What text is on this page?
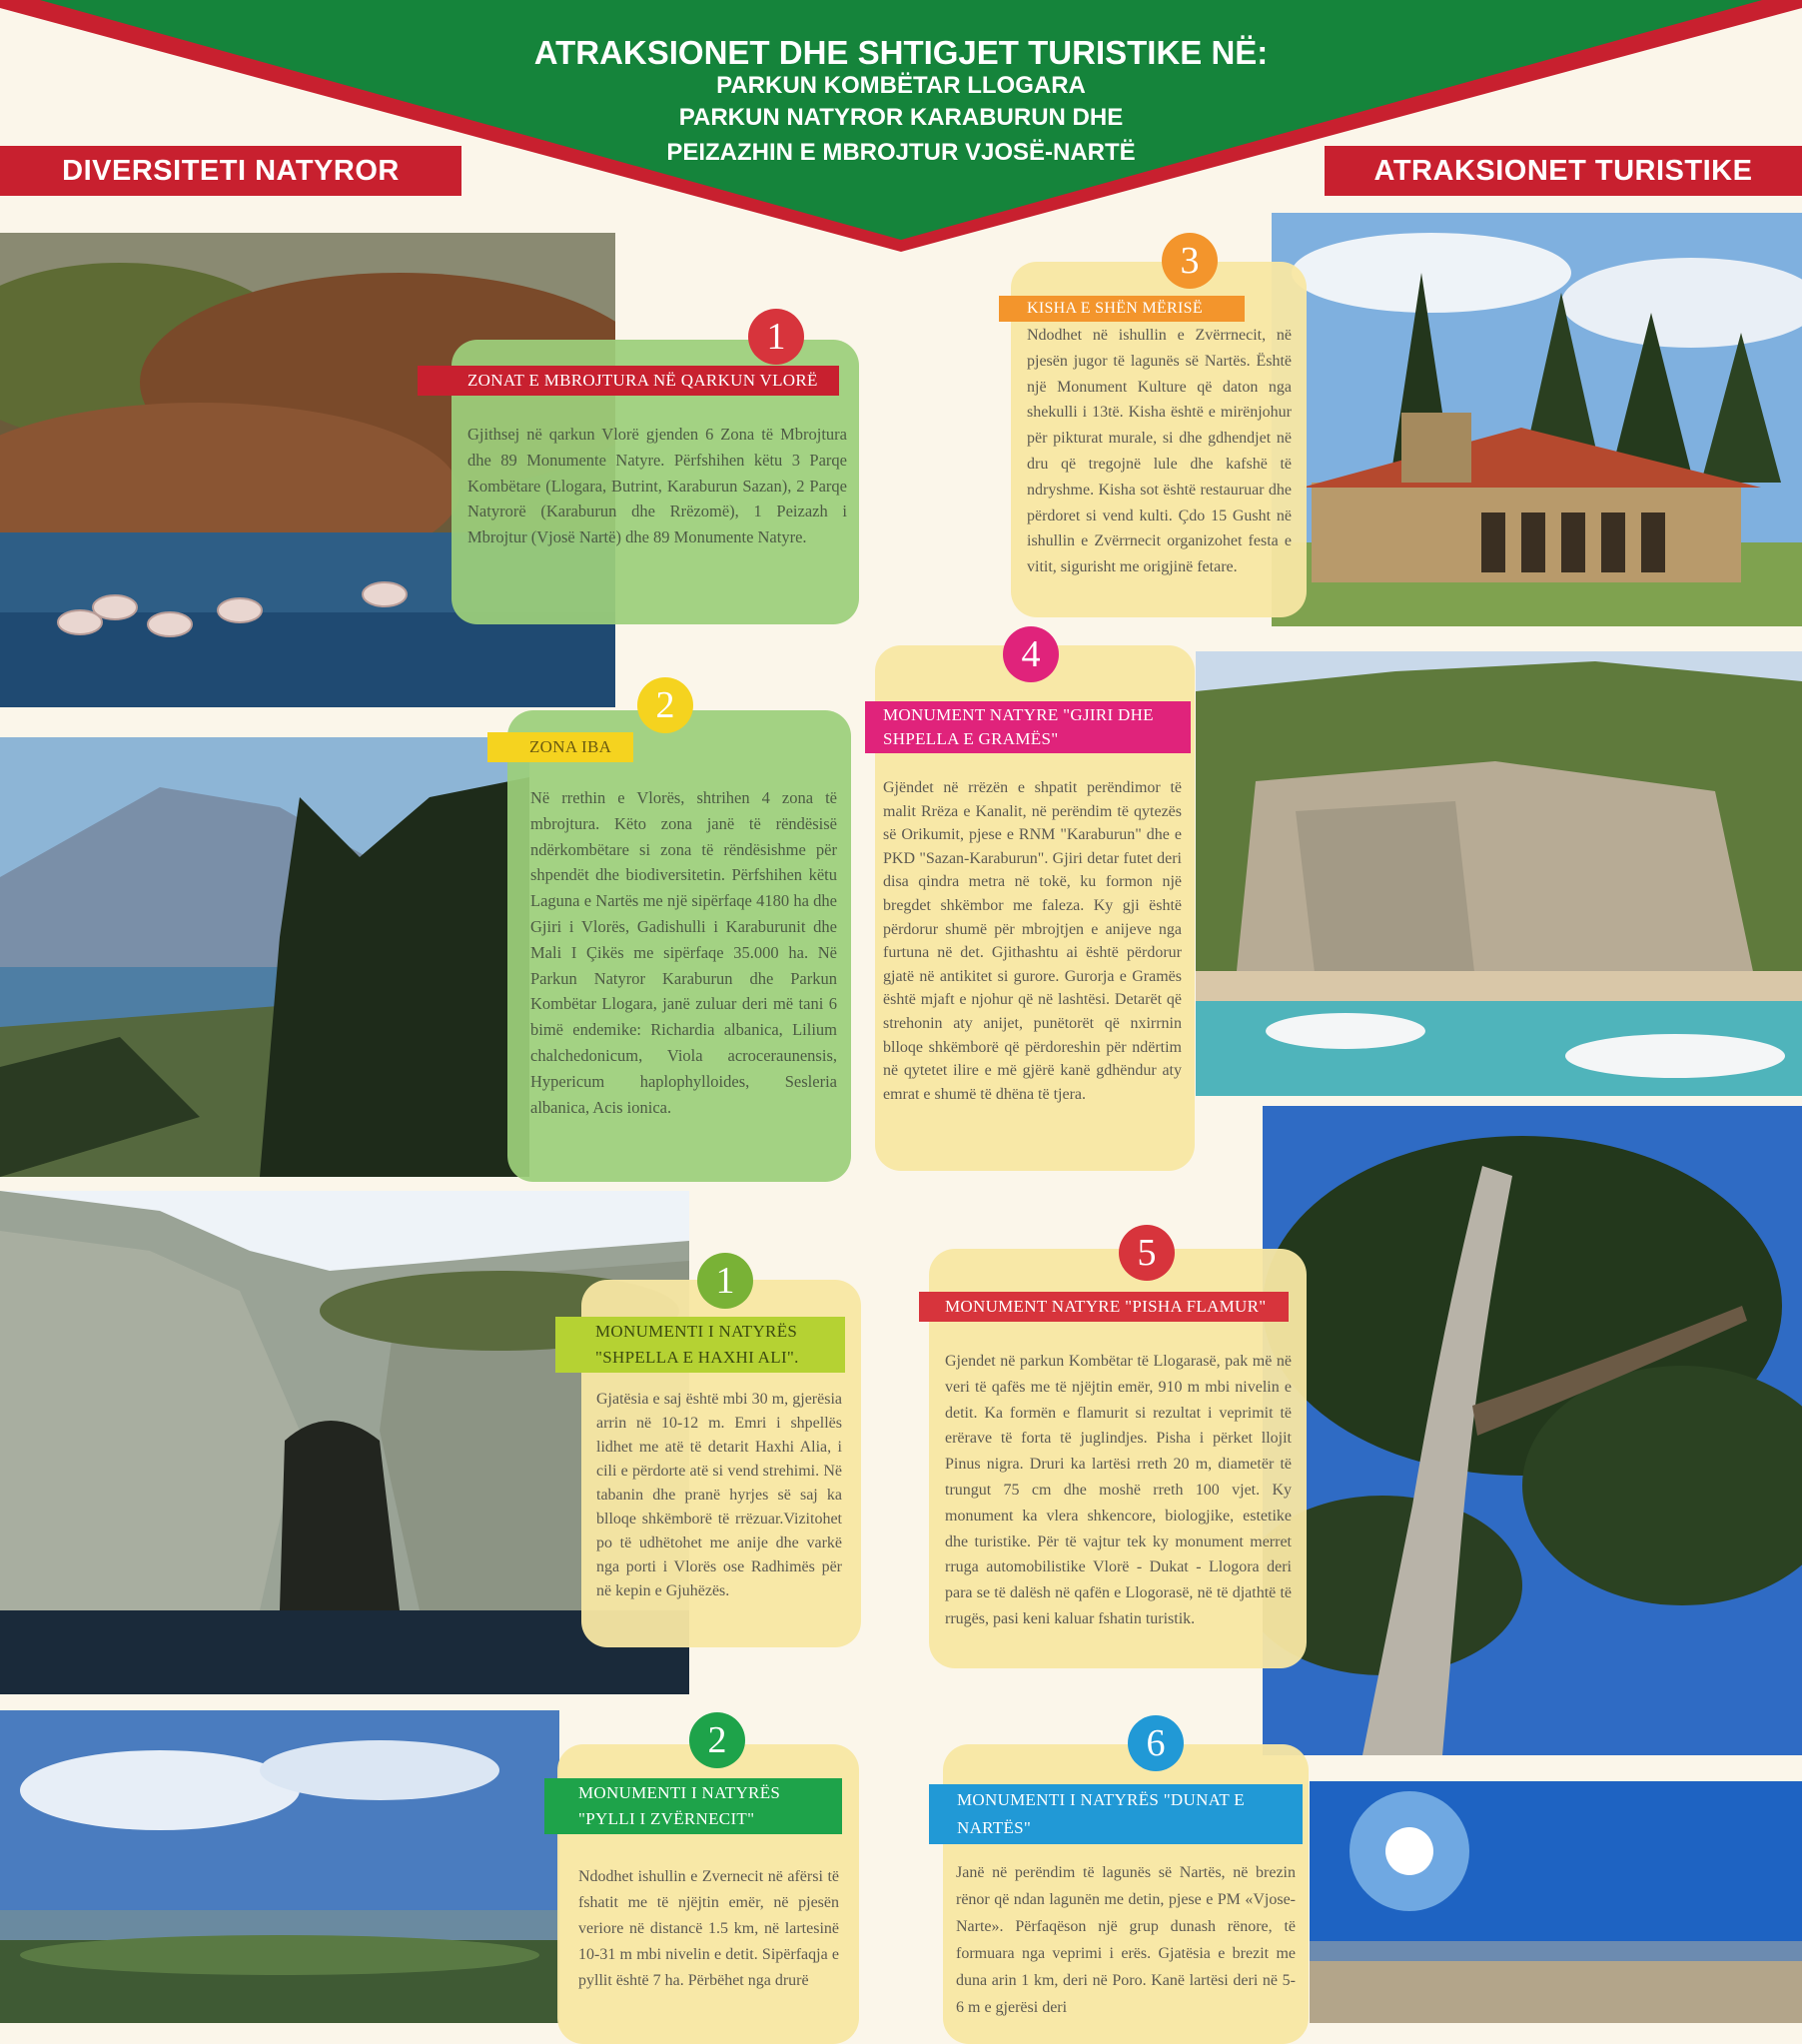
ATRAKSIONET DHE SHTIGJET TURISTIKE NË:
PARKUN KOMBËTAR LLOGARA
PARKUN NATYROR KARABURUN DHE
PEIZAZHIN E MBROJTUR VJOSË-NARTË
DIVERSITETI NATYROR	ATRAKSIONET TURISTIKE
1
ZONAT E MBROJTURA NË QARKUN VLORË
Gjithsej në qarkun Vlorë gjenden 6 Zona të Mbrojtura dhe 89 Monumente Natyre. Përfshihen këtu 3 Parqe Kombëtare (Llogara, Butrint, Karaburun Sazan), 2 Parqe Natyrorë (Karaburun dhe Rrëzomë), 1 Peizazh i Mbrojtur (Vjosë Nartë) dhe 89 Monumente Natyre.
2
ZONA IBA
Në rrethin e Vlorës, shtrihen 4 zona të mbrojtura. Këto zona janë të rëndësisë ndërkombëtare si zona të rëndësishme për shpendët dhe biodiversitetin. Përfshihen këtu Laguna e Nartës me një sipërfaqe 4180 ha dhe Gjiri i Vlorës, Gadishulli i Karaburunit dhe Mali I Çikës me sipërfaqe 35.000 ha. Në Parkun Natyror Karaburun dhe Parkun Kombëtar Llogara, janë zuluar deri më tani 6 bimë endemike: Richardia albanica, Lilium chalchedonicum, Viola acroceraunensis, Hypericum haplophylloides, Sesleria albanica, Acis ionica.
1
MONUMENTI I NATYRËS "SHPELLA E HAXHI ALI".
Gjatësia e saj është mbi 30 m, gjerësia arrin në 10-12 m. Emri i shpellës lidhet me atë të detarit Haxhi Alia, i cili e përdorte atë si vend strehimi. Në tabanin dhe pranë hyrjes së saj ka blloqe shkëmborë të rrëzuar.Vizitohet po të udhëtohet me anije dhe varkë nga porti i Vlorës ose Radhimës për në kepin e Gjuhëzës.
2
MONUMENTI I NATYRËS "PYLLI I ZVËRNECIT"
Ndodhet ishullin e Zvernecit në afërsi të fshatit me të njëjtin emër, në pjesën veriore në distancë 1.5 km, në lartesinë 10-31 m mbi nivelin e detit. Sipërfaqja e pyllit është 7 ha. Përbëhet nga drurë
3
KISHA E SHËN MËRISË
Ndodhet në ishullin e Zvërrnecit, në pjesën jugor të lagunës së Nartës. Është një Monument Kulture që daton nga shekulli i 13të. Kisha është e mirënjohur për pikturat murale, si dhe gdhendjet në dru që tregojnë lule dhe kafshë të ndryshme. Kisha sot është restauruar dhe përdoret si vend kulti. Çdo 15 Gusht në ishullin e Zvërrnecit organizohet festa e vitit, sigurisht me origjinë fetare.
4
MONUMENT NATYRE "GJIRI DHE SHPELLA E GRAMËS"
Gjëndet në rrëzën e shpatit perëndimor të malit Rrëza e Kanalit, në perëndim të qytezës së Orikumit, pjese e RNM "Karaburun" dhe e PKD "Sazan-Karaburun". Gjiri detar futet deri disa qindra metra në tokë, ku formon një bregdet shkëmbor me faleza. Ky gji është përdorur shumë për mbrojtjen e anijeve nga furtuna në det. Gjithashtu ai është përdorur gjatë në antikitet si gurore. Gurorja e Gramës është mjaft e njohur që në lashtësi. Detarët që strehonin aty anijet, punëtorët që nxirrnin blloqe shkëmborë që përdoreshin për ndërtim në qytetet ilire e më gjërë kanë gdhëndur aty emrat e shumë të dhëna të tjera.
5
MONUMENT NATYRE "PISHA FLAMUR"
Gjendet në parkun Kombëtar të Llogarasë, pak më në veri të qafës me të njëjtin emër, 910 m mbi nivelin e detit. Ka formën e flamurit si rezultat i veprimit të erërave të forta të juglindjes. Pisha i përket llojit Pinus nigra. Druri ka lartësi rreth 20 m, diametër të trungut 75 cm dhe moshë rreth 100 vjet. Ky monument ka vlera shkencore, biologjike, estetike dhe turistike. Për të vajtur tek ky monument merret rruga automobilistike Vlorë - Dukat - Llogora deri para se të dalësh në qafën e Llogorasë, në të djathtë të rrugës, pasi keni kaluar fshatin turistik.
6
MONUMENTI I NATYRËS "DUNAT E NARTËS"
Janë në perëndim të lagunës së Nartës, në brezin rënor që ndan lagunën me detin, pjese e PM «Vjose-Narte». Përfaqëson një grup dunash rënore, të formuara nga veprimi i erës. Gjatësia e brezit me duna arin 1 km, deri në Poro. Kanë lartësi deri në 5-6 m e gjerësi deri
